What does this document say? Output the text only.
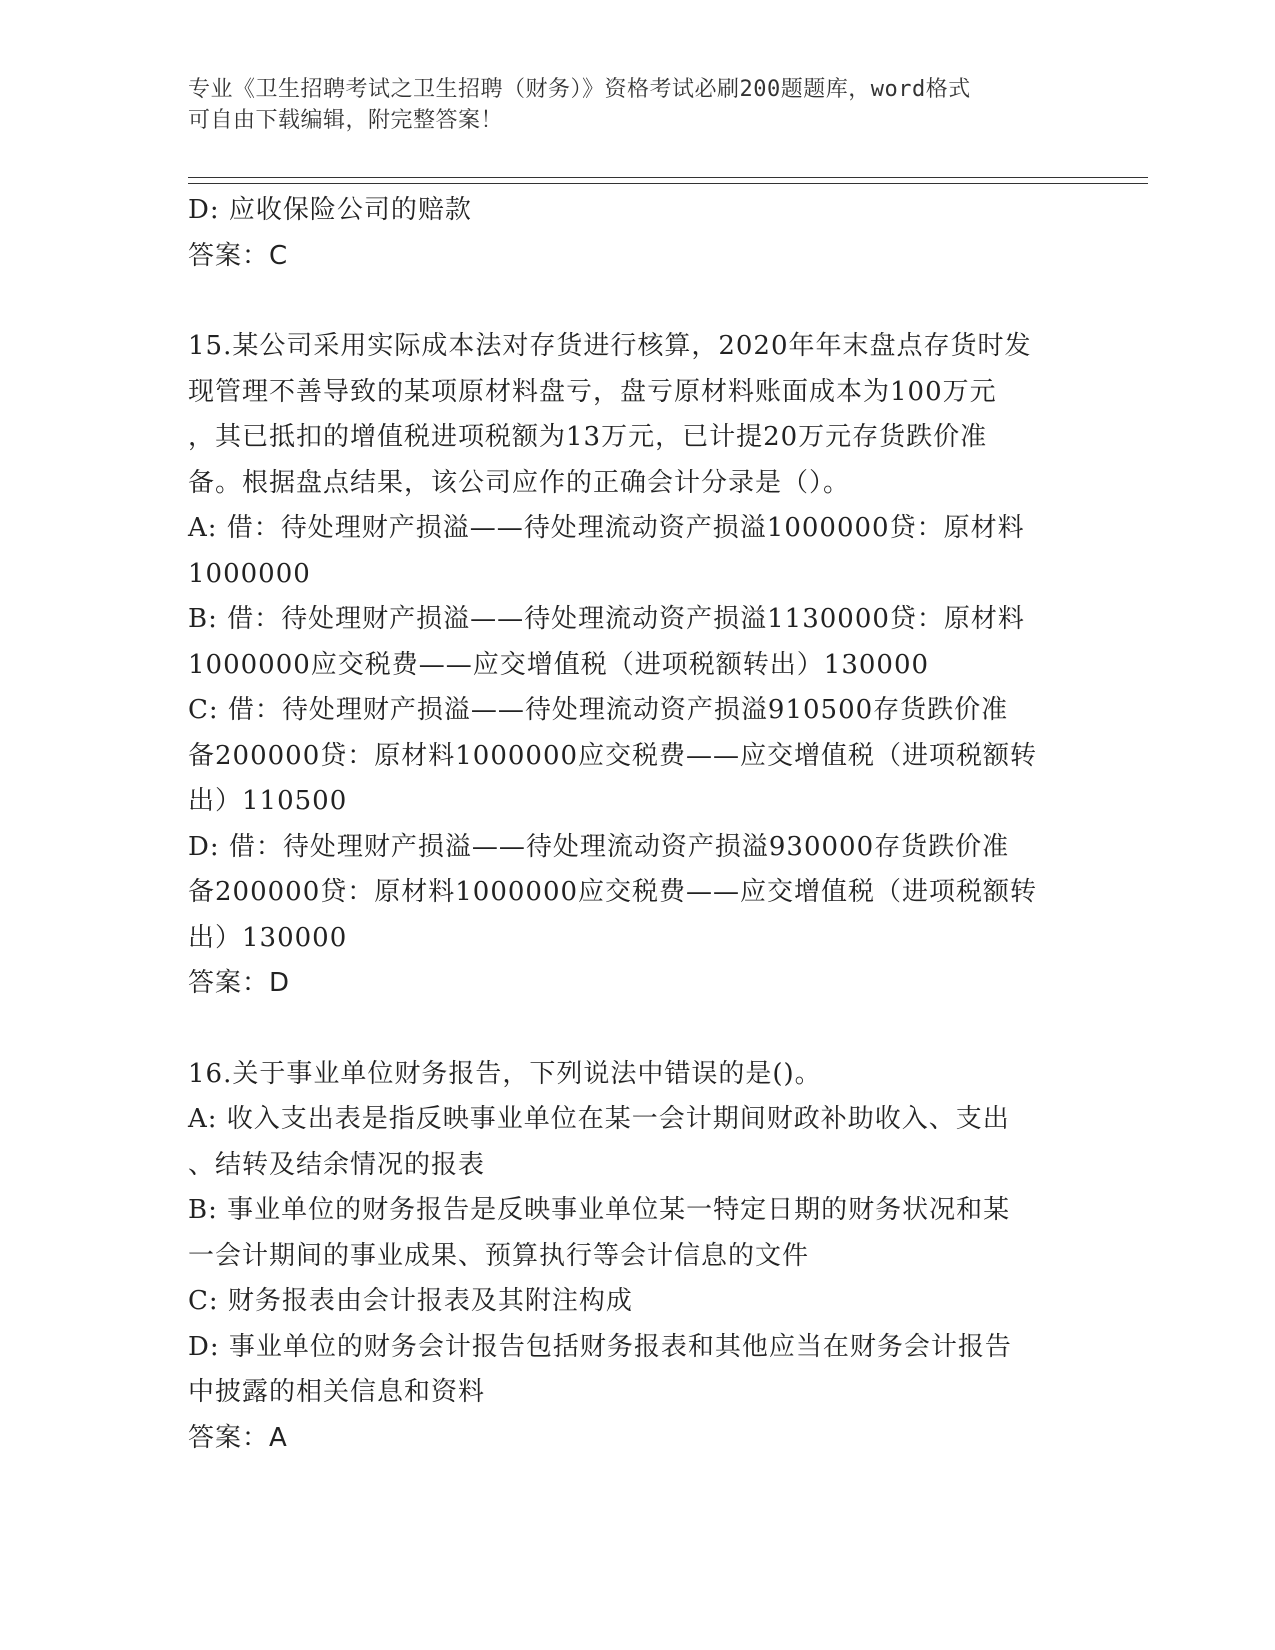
专业《卫生招聘考试之卫生招聘（财务）》资格考试必刷200题题库，word格式
可自由下载编辑，附完整答案！
D: 应收保险公司的赔款
答案：C
15.某公司采用实际成本法对存货进行核算，2020年年末盘点存货时发
现管理不善导致的某项原材料盘亏，盘亏原材料账面成本为100万元
，其已抵扣的增值税进项税额为13万元，已计提20万元存货跌价准
备。根据盘点结果，该公司应作的正确会计分录是（）。
A: 借：待处理财产损溢——待处理流动资产损溢1000000贷：原材料
1000000
B: 借：待处理财产损溢——待处理流动资产损溢1130000贷：原材料
1000000应交税费——应交增值税（进项税额转出）130000
C: 借：待处理财产损溢——待处理流动资产损溢910500存货跌价准
备200000贷：原材料1000000应交税费——应交增值税（进项税额转
出）110500
D: 借：待处理财产损溢——待处理流动资产损溢930000存货跌价准
备200000贷：原材料1000000应交税费——应交增值税（进项税额转
出）130000
答案：D
16.关于事业单位财务报告，下列说法中错误的是()。
A: 收入支出表是指反映事业单位在某一会计期间财政补助收入、支出
、结转及结余情况的报表
B: 事业单位的财务报告是反映事业单位某一特定日期的财务状况和某
一会计期间的事业成果、预算执行等会计信息的文件
C: 财务报表由会计报表及其附注构成
D: 事业单位的财务会计报告包括财务报表和其他应当在财务会计报告
中披露的相关信息和资料
答案：A
